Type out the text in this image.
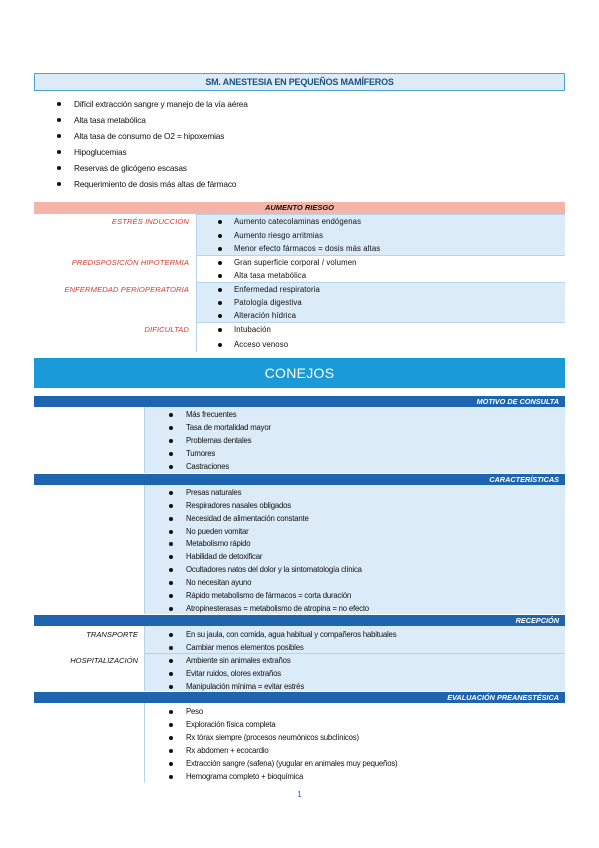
SM. ANESTESIA EN PEQUEÑOS MAMÍFEROS
Difícil extracción sangre y manejo de la vía aérea
Alta tasa metabólica
Alta tasa de consumo de O2 = hipoxemias
Hipoglucemias
Reservas de glicógeno escasas
Requerimiento de dosis más altas de fármaco
AUMENTO RIESGO
ESTRÉS INDUCCIÓN	Aumento catecolaminas endógenas
Aumento riesgo arritmias
Menor efecto fármacos = dosis más altas
PREDISPOSICIÓN HIPOTERMIA	Gran superficie corporal / volumen
Alta tasa metabólica
ENFERMEDAD PERIOPERATORIA	Enfermedad respiratoria
Patología digestiva
Alteración hídrica
DIFICULTAD	Intubación
Acceso venoso
CONEJOS
MOTIVO DE CONSULTA
Más frecuentes
Tasa de mortalidad mayor
Problemas dentales
Tumores
Castraciones
CARACTERÍSTICAS
Presas naturales
Respiradores nasales obligados
Necesidad de alimentación constante
No pueden vomitar
Metabolismo rápido
Habilidad de detoxificar
Ocultadores natos del dolor y la sintomatología clínica
No necesitan ayuno
Rápido metabolismo de fármacos = corta duración
Atropinesterasas = metabolismo de atropina = no efecto
RECEPCIÓN
TRANSPORTE	En su jaula, con comida, agua habitual y compañeros habituales
Cambiar menos elementos posibles
HOSPITALIZACIÓN	Ambiente sin animales extraños
Evitar ruidos, olores extraños
Manipulación mínima = evitar estrés
EVALUACIÓN PREANESTÉSICA
Peso
Exploración física completa
Rx tórax siempre (procesos neumónicos subclínicos)
Rx abdomen + ecocardio
Extracción sangre (safena) (yugular en animales muy pequeños)
Hemograma completo + bioquímica
1
